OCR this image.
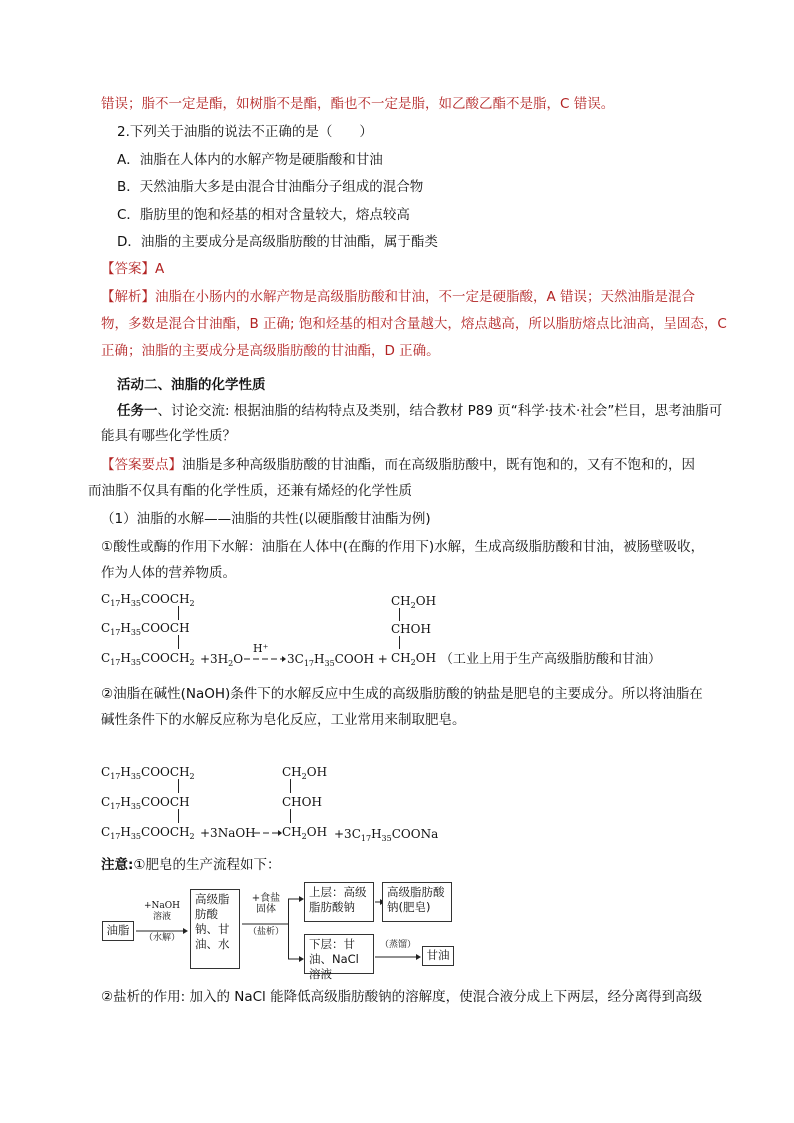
错误；脂不一定是酯，如树脂不是酯，酯也不一定是脂，如乙酸乙酯不是脂，C 错误。
2.下列关于油脂的说法不正确的是（　　）
A．油脂在人体内的水解产物是硬脂酸和甘油
B．天然油脂大多是由混合甘油酯分子组成的混合物
C．脂肪里的饱和烃基的相对含量较大，熔点较高
D．油脂的主要成分是高级脂肪酸的甘油酯，属于酯类
【答案】A
【解析】油脂在小肠内的水解产物是高级脂肪酸和甘油，不一定是硬脂酸，A 错误；天然油脂是混合
物，多数是混合甘油酯，B 正确; 饱和烃基的相对含量越大，熔点越高，所以脂肪熔点比油高，呈固态，C
正确；油脂的主要成分是高级脂肪酸的甘油酯，D 正确。
活动二、油脂的化学性质
任务一、讨论交流: 根据油脂的结构特点及类别，结合教材 P89 页“科学·技术·社会”栏目，思考油脂可
能具有哪些化学性质？
【答案要点】油脂是多种高级脂肪酸的甘油酯，而在高级脂肪酸中，既有饱和的，又有不饱和的，因
而油脂不仅具有酯的化学性质，还兼有烯烃的化学性质
（1）油脂的水解——油脂的共性(以硬脂酸甘油酯为例)
①酸性或酶的作用下水解：油脂在人体中(在酶的作用下)水解，生成高级脂肪酸和甘油，被肠壁吸收，
作为人体的营养物质。
$C_{17}H_{35}COOCH_2$
$C_{17}H_{35}COOCH$
$C_{17}H_{35}COOCH_2 +3H_2O$
H⁺
→ $3C_{17}H_{35}COOH$ +
$CH_2OH$
CHOH
$CH_2OH$ （工业上用于生产高级脂肪酸和甘油）
②油脂在碱性(NaOH)条件下的水解反应中生成的高级脂肪酸的钠盐是肥皂的主要成分。所以将油脂在
碱性条件下的水解反应称为皂化反应，工业常用来制取肥皂。
$C_{17}H_{35}COOCH_2$
$C_{17}H_{35}COOCH$
$C_{17}H_{35}COOCH_2$ +3NaOH
$CH_2OH$
CHOH
$CH_2OH$ $+3C_{17}H_{35}COONa$
注意:①肥皂的生产流程如下：
油脂
+NaOH
溶液
（水解）
高级脂肪酸钠、甘油、水
+食盐
固体
（盐析）
上层：高级脂肪酸钠
下层：甘油、NaCl 溶液
高级脂肪酸钠(肥皂)
（蒸馏）
甘油
②盐析的作用: 加入的 NaCl 能降低高级脂肪酸钠的溶解度，使混合液分成上下两层，经分离得到高级
